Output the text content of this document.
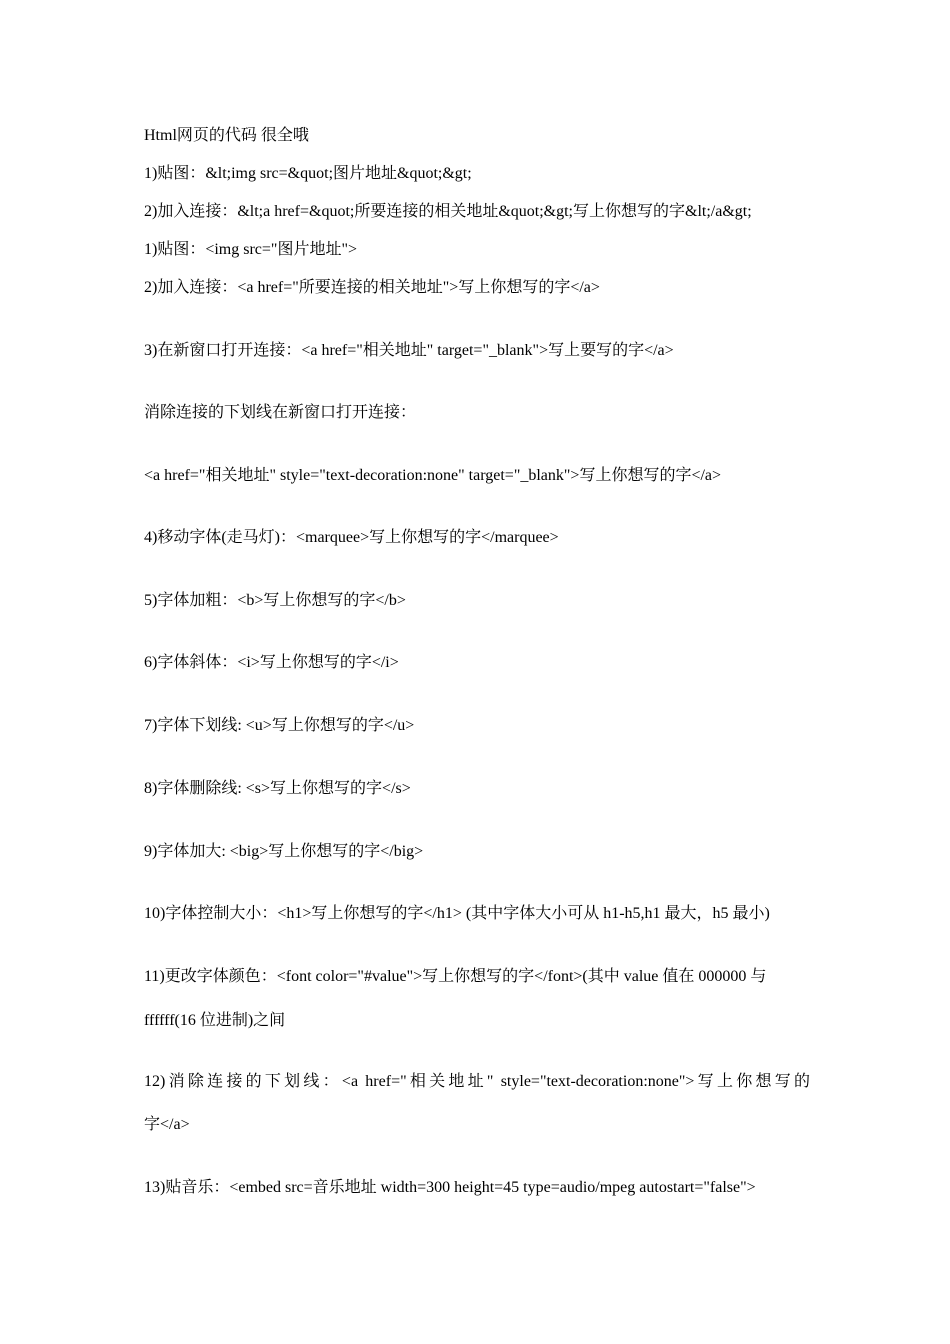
Html网页的代码 很全哦
1)贴图：&lt;img src=&quot;图片地址&quot;&gt;
2)加入连接：&lt;a href=&quot;所要连接的相关地址&quot;&gt;写上你想写的字&lt;/a&gt;
1)贴图：<img src="图片地址">
2)加入连接：<a href="所要连接的相关地址">写上你想写的字</a>
3)在新窗口打开连接：<a href="相关地址" target="_blank">写上要写的字</a>
消除连接的下划线在新窗口打开连接：
<a href="相关地址" style="text-decoration:none" target="_blank">写上你想写的字</a>
4)移动字体(走马灯)：<marquee>写上你想写的字</marquee>
5)字体加粗：<b>写上你想写的字</b>
6)字体斜体：<i>写上你想写的字</i>
7)字体下划线: <u>写上你想写的字</u>
8)字体删除线: <s>写上你想写的字</s>
9)字体加大: <big>写上你想写的字</big>
10)字体控制大小：<h1>写上你想写的字</h1> (其中字体大小可从 h1-h5,h1 最大，h5 最小)
11)更改字体颜色：<font color="#value">写上你想写的字</font>(其中 value 值在 000000 与
ffffff(16 位进制)之间
12)消除连接的下划线：<a href="相关地址" style="text-decoration:none">写上你想写的
字</a>
13)贴音乐：<embed src=音乐地址 width=300 height=45 type=audio/mpeg autostart="false">
